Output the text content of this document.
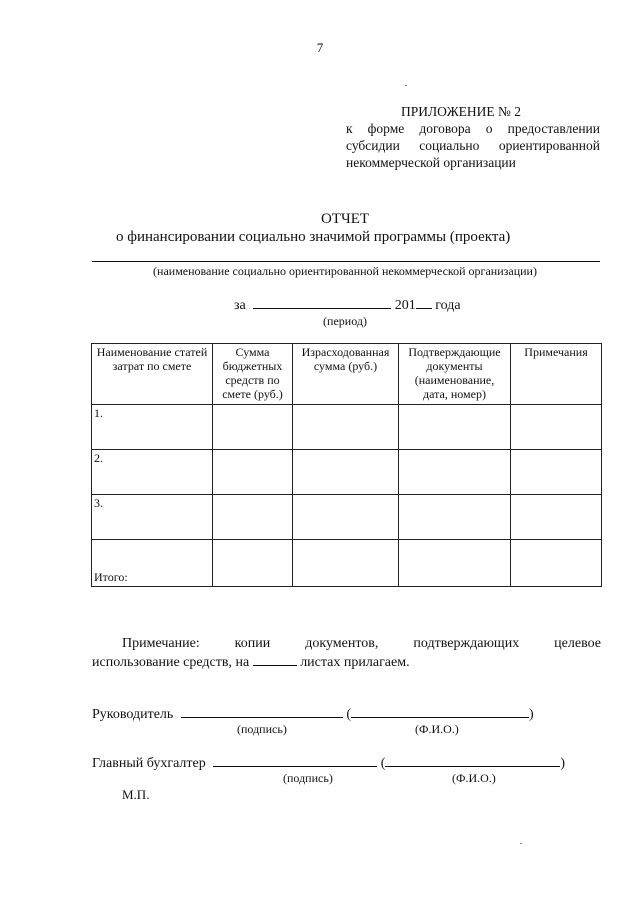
7
ПРИЛОЖЕНИЕ № 2
к форме договора о предоставлении
субсидии социально ориентированной
некоммерческой организации
ОТЧЕТ
о финансировании социально значимой программы (проекта)
(наименование социально ориентированной некоммерческой организации)
за	201 года
(период)
Наименование статей затрат по смете	Сумма бюджетных средств по смете (руб.)	Израсходованная сумма (руб.)	Подтверждающие документы (наименование, дата, номер)	Примечания
1.				
2.				
3.				
Итого:				
Примечание: копии документов, подтверждающих целевое
использование средств, на	листах прилагаем.
Руководитель	(	)
(подпись)	(Ф.И.О.)
Главный бухгалтер	(	)
(подпись)	(Ф.И.О.)
М.П.
